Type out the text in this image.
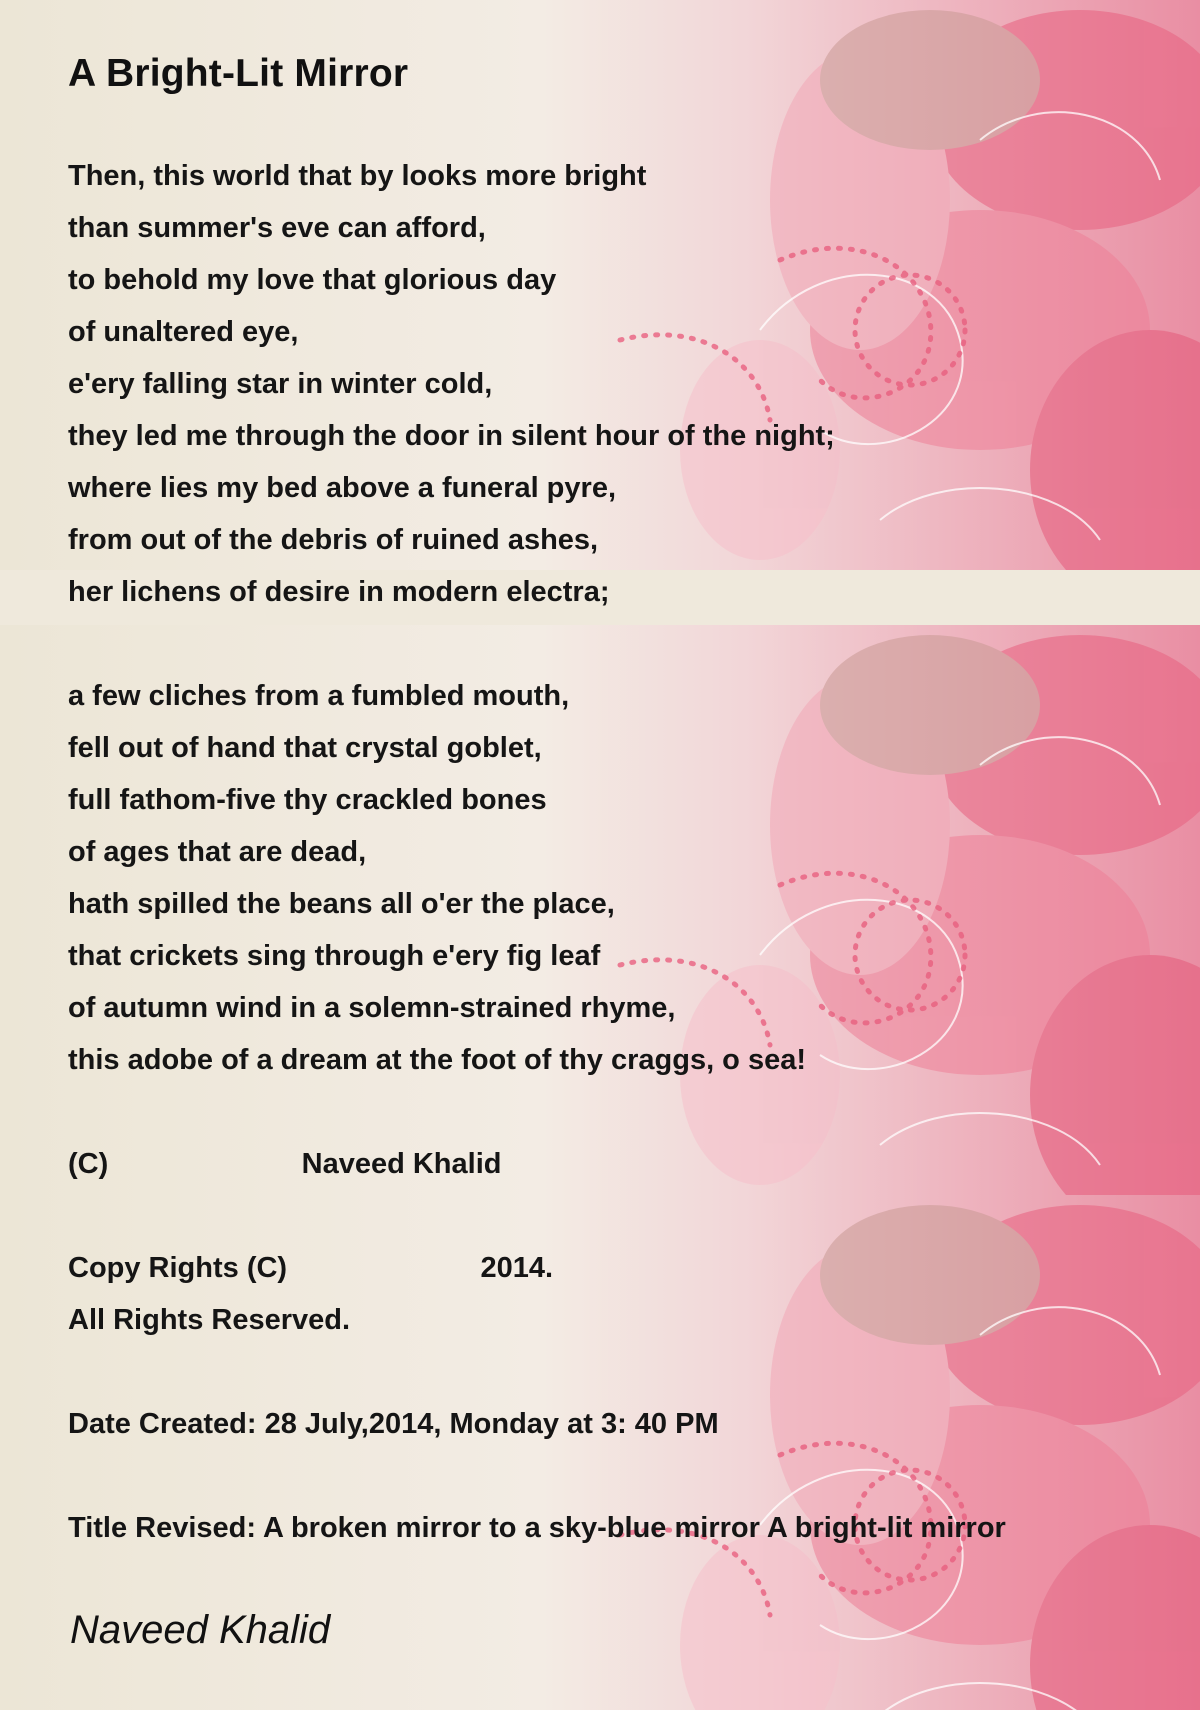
A Bright-Lit Mirror
Then, this world that by looks more bright
than summer's eve can afford,
to behold my love that glorious day
of unaltered eye,
e'ery falling star in winter cold,
they led me through the door in silent hour of the night;
where lies my bed above a funeral pyre,
from out of the debris of ruined ashes,
her lichens of desire in modern electra;
a few cliches from a fumbled mouth,
fell out of hand that crystal goblet,
full fathom-five thy crackled bones
of ages that are dead,
hath spilled the beans all o'er the place,
that crickets sing through e'ery fig leaf
of autumn wind in a solemn-strained rhyme,
this adobe of a dream at the foot of thy craggs, o sea!
(C)                        Naveed Khalid
Copy Rights (C)                        2014.
All Rights Reserved.
Date Created: 28 July,2014, Monday at 3: 40 PM
Title Revised: A broken mirror to a sky-blue mirror A bright-lit mirror
Naveed Khalid
